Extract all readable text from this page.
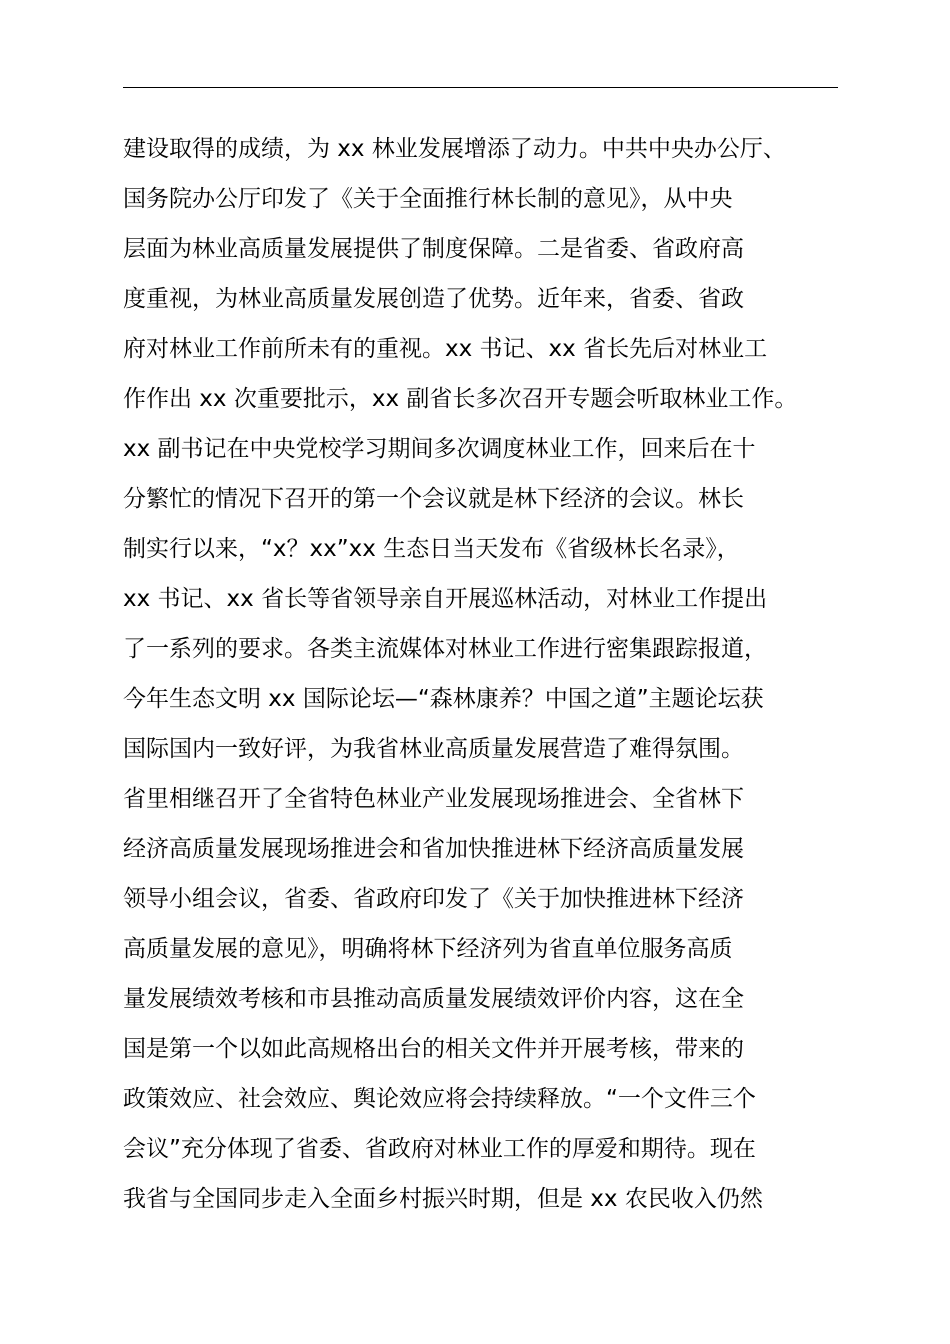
建设取得的成绩，为 xx 林业发展增添了动力。中共中央办公厅、
国务院办公厅印发了《关于全面推行林长制的意见》，从中央
层面为林业高质量发展提供了制度保障。二是省委、省政府高
度重视，为林业高质量发展创造了优势。近年来，省委、省政
府对林业工作前所未有的重视。xx 书记、xx 省长先后对林业工
作作出 xx 次重要批示，xx 副省长多次召开专题会听取林业工作。
xx 副书记在中央党校学习期间多次调度林业工作，回来后在十
分繁忙的情况下召开的第一个会议就是林下经济的会议。林长
制实行以来，“x？xx”xx 生态日当天发布《省级林长名录》，
xx 书记、xx 省长等省领导亲自开展巡林活动，对林业工作提出
了一系列的要求。各类主流媒体对林业工作进行密集跟踪报道，
今年生态文明 xx 国际论坛—“森林康养？中国之道”主题论坛获
国际国内一致好评，为我省林业高质量发展营造了难得氛围。
省里相继召开了全省特色林业产业发展现场推进会、全省林下
经济高质量发展现场推进会和省加快推进林下经济高质量发展
领导小组会议，省委、省政府印发了《关于加快推进林下经济
高质量发展的意见》，明确将林下经济列为省直单位服务高质
量发展绩效考核和市县推动高质量发展绩效评价内容，这在全
国是第一个以如此高规格出台的相关文件并开展考核，带来的
政策效应、社会效应、舆论效应将会持续释放。“一个文件三个
会议”充分体现了省委、省政府对林业工作的厚爱和期待。现在
我省与全国同步走入全面乡村振兴时期，但是 xx 农民收入仍然
